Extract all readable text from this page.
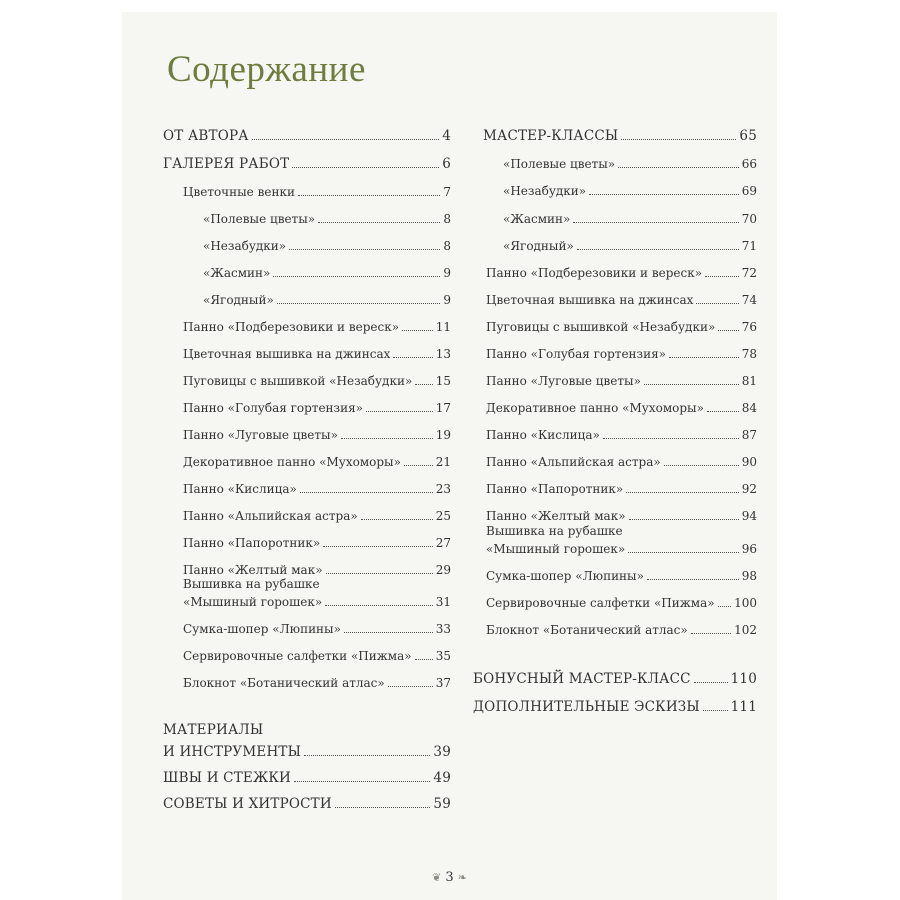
Содержание
ОТ АВТОРА	4
ГАЛЕРЕЯ РАБОТ	6
Цветочные венки	7
«Полевые цветы»	8
«Незабудки»	8
«Жасмин»	9
«Ягодный»	9
Панно «Подберезовики и вереск»	11
Цветочная вышивка на джинсах	13
Пуговицы с вышивкой «Незабудки» 15
Панно «Голубая гортензия»	17
Панно «Луговые цветы»	19
Декоративное панно «Мухоморы»	21
Панно «Кислица»	23
Панно «Альпийская астра»	25
Панно «Папоротник»	27
Панно «Желтый мак»	29
Вышивка на рубашке
«Мышиный горошек»	31
Сумка-шопер «Люпины»	33
Сервировочные салфетки «Пижма» 35
Блокнот «Ботанический атлас»	37
МАТЕРИАЛЫ
И ИНСТРУМЕНТЫ	39
ШВЫ И СТЕЖКИ	49
СОВЕТЫ И ХИТРОСТИ	59
МАСТЕР-КЛАССЫ	65
«Полевые цветы»	66
«Незабудки»	69
«Жасмин»	70
«Ягодный»	71
Панно «Подберезовики и вереск»	72
Цветочная вышивка на джинсах	74
Пуговицы с вышивкой «Незабудки» 76
Панно «Голубая гортензия»	78
Панно «Луговые цветы»	81
Декоративное панно «Мухоморы»	84
Панно «Кислица»	87
Панно «Альпийская астра»	90
Панно «Папоротник»	92
Панно «Желтый мак»	94
Вышивка на рубашке
«Мышиный горошек»	96
Сумка-шопер «Люпины»	98
Сервировочные салфетки «Пижма» 100
Блокнот «Ботанический атлас»	102
БОНУСНЫЙ МАСТЕР-КЛАСС	110
ДОПОЛНИТЕЛЬНЫЕ ЭСКИЗЫ 111
❦ 3 ❧
